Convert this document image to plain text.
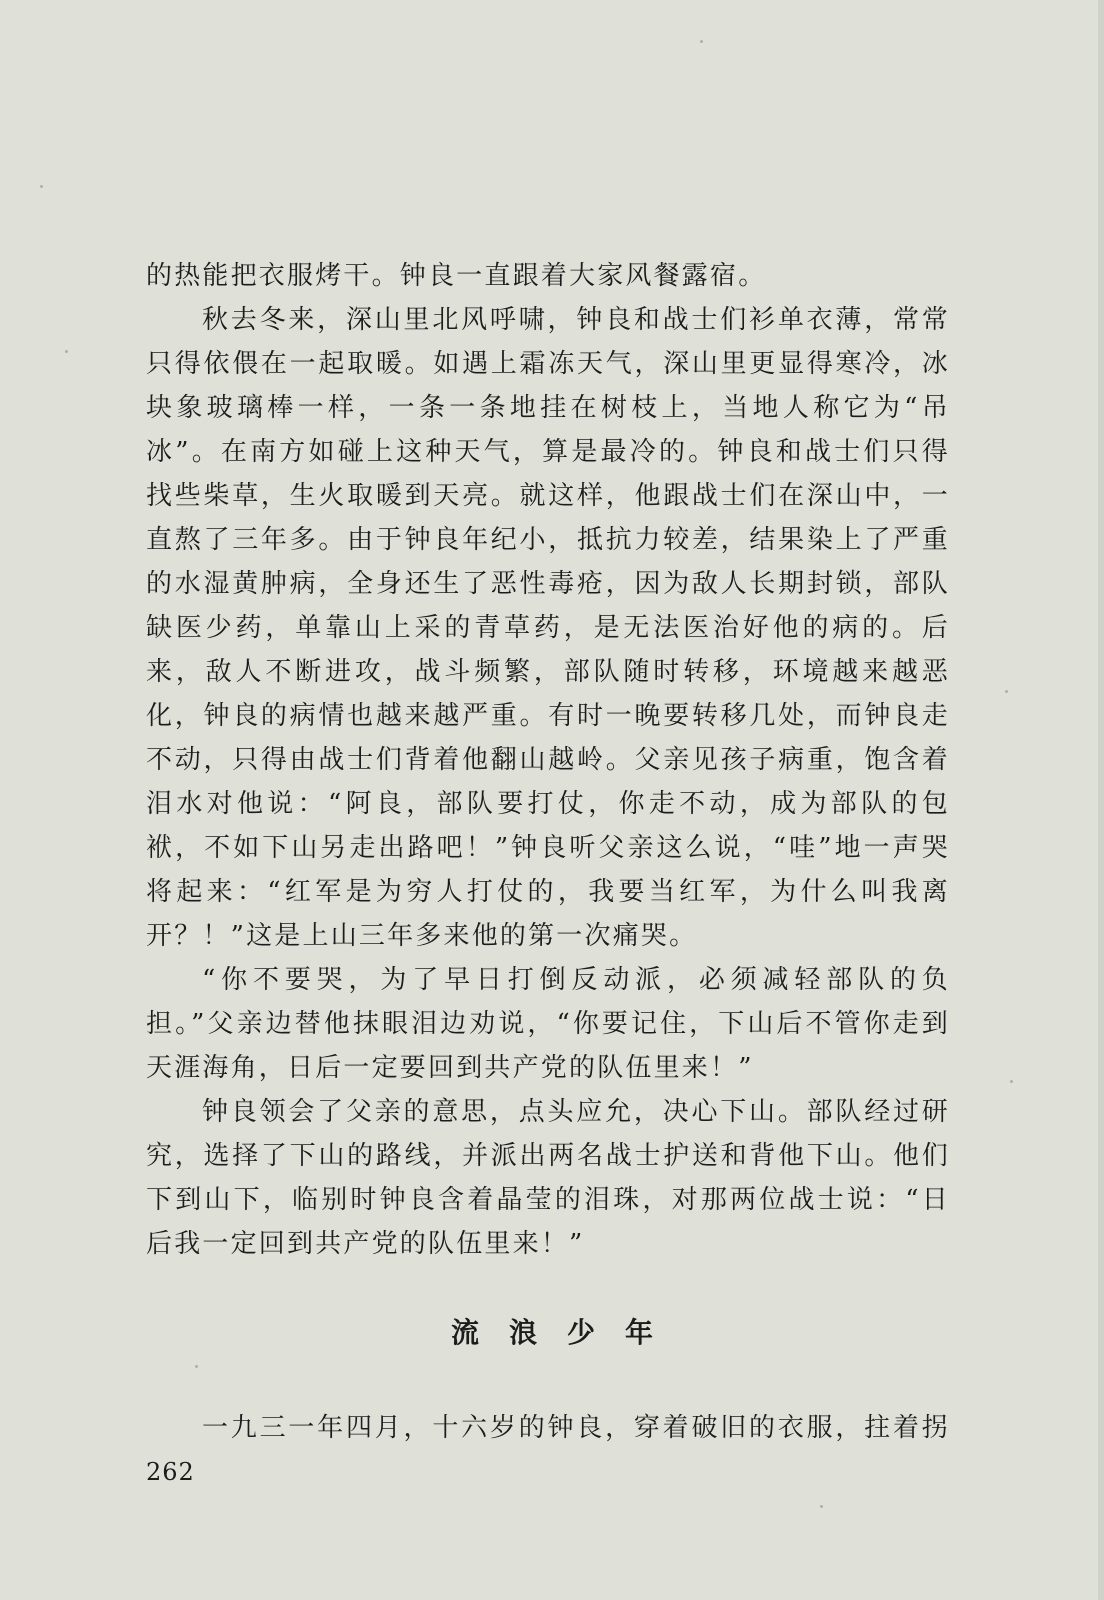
的热能把衣服烤干。钟良一直跟着大家风餐露宿。

秋去冬来，深山里北风呼啸，钟良和战士们衫单衣薄，常常只得依偎在一起取暖。如遇上霜冻天气，深山里更显得寒冷，冰块象玻璃棒一样，一条一条地挂在树枝上，当地人称它为“吊冰”。在南方如碰上这种天气，算是最冷的。钟良和战士们只得找些柴草，生火取暖到天亮。就这样，他跟战士们在深山中，一直熬了三年多。由于钟良年纪小，抵抗力较差，结果染上了严重的水湿黄肿病，全身还生了恶性毒疮，因为敌人长期封锁，部队缺医少药，单靠山上采的青草药，是无法医治好他的病的。后来，敌人不断进攻，战斗频繁，部队随时转移，环境越来越恶化，钟良的病情也越来越严重。有时一晚要转移几处，而钟良走不动，只得由战士们背着他翻山越岭。父亲见孩子病重，饱含着泪水对他说：“阿良，部队要打仗，你走不动，成为部队的包袱，不如下山另走出路吧！”钟良听父亲这么说，“哇”地一声哭将起来：“红军是为穷人打仗的，我要当红军，为什么叫我离开？！”这是上山三年多来他的第一次痛哭。

“你不要哭，为了早日打倒反动派，必须减轻部队的负担。”父亲边替他抹眼泪边劝说，“你要记住，下山后不管你走到天涯海角，日后一定要回到共产党的队伍里来！”

钟良领会了父亲的意思，点头应允，决心下山。部队经过研究，选择了下山的路线，并派出两名战士护送和背他下山。他们下到山下，临别时钟良含着晶莹的泪珠，对那两位战士说：“日后我一定回到共产党的队伍里来！”

流浪少年

一九三一年四月，十六岁的钟良，穿着破旧的衣服，拄着拐

262
